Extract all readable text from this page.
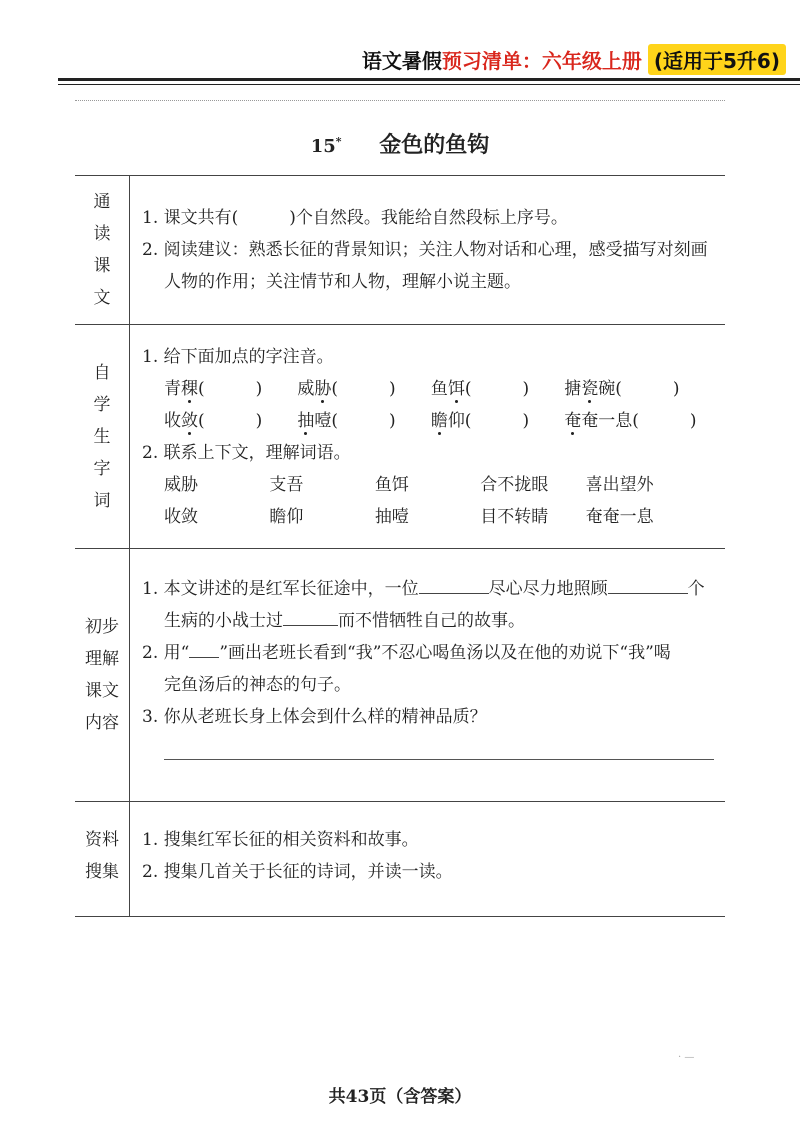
语文暑假 预习清单：六年级上册 (适用于5升6)
15* 金色的鱼钩
通
读
课
文
1. 课文共有(　　　)个自然段。我能给自然段标上序号。
2. 阅读建议：熟悉长征的背景知识；关注人物对话和心理，感受描写对刻画
人物的作用；关注情节和人物，理解小说主题。
自
学
生
字
词
1. 给下面加点的字注音。
青稞(　　　) 威胁(　　　) 鱼饵(　　　) 搪瓷碗(　　　)
收敛(　　　) 抽噎(　　　) 瞻仰(　　　) 奄奄一息(　　　)
2. 联系上下文，理解词语。
威胁	支吾	鱼饵	合不拢眼 喜出望外
收敛	瞻仰	抽噎	目不转睛 奄奄一息
初步
理解
课文
内容
1. 本文讲述的是红军长征途中，一位	尽心尽力地照顾	个
生病的小战士过	而不惜牺牲自己的故事。
2. 用“ ”画出老班长看到“我”不忍心喝鱼汤以及在他的劝说下“我”喝
完鱼汤后的神态的句子。
3. 你从老班长身上体会到什么样的精神品质？
资料
搜集
1. 搜集红军长征的相关资料和故事。
2. 搜集几首关于长征的诗词，并读一读。
· —
共43页（含答案）
